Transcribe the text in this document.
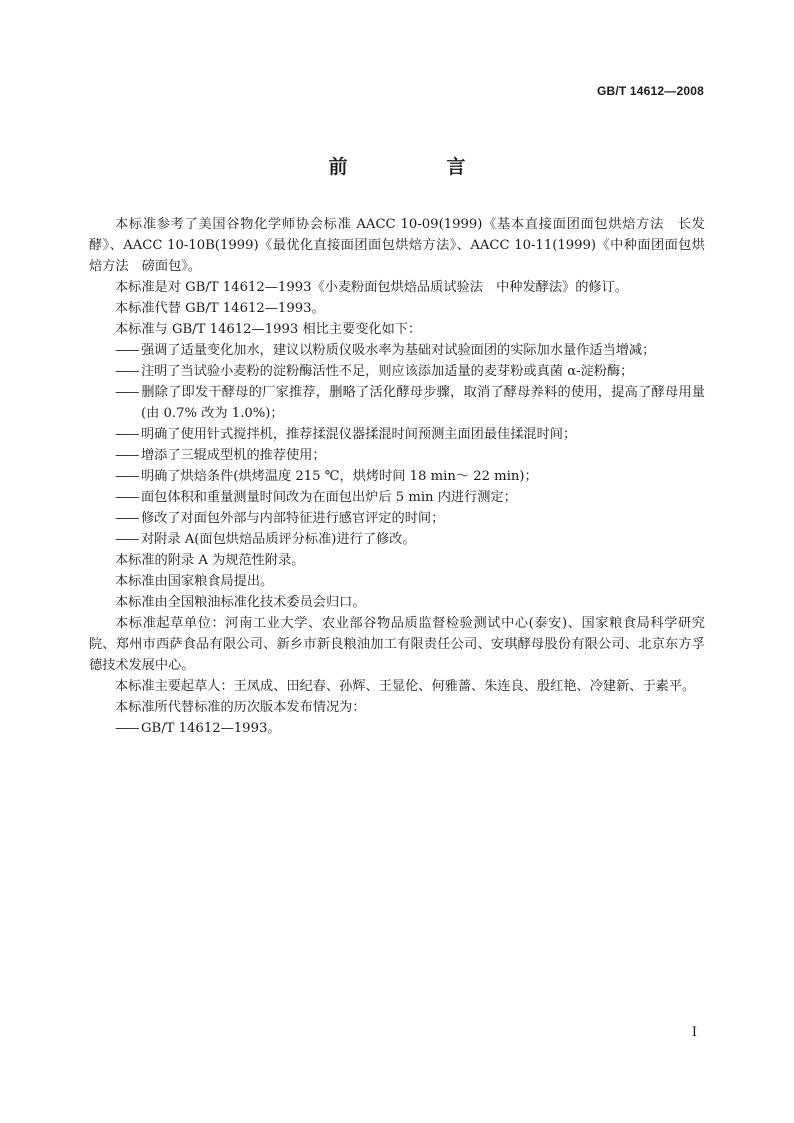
GB/T 14612—2008
前　言

本标准参考了美国谷物化学师协会标准 AACC 10-09(1999)《基本直接面团面包烘焙方法　长发酵》、AACC 10-10B(1999)《最优化直接面团面包烘焙方法》、AACC 10-11(1999)《中种面团面包烘焙方法　磅面包》。

本标准是对 GB/T 14612—1993《小麦粉面包烘焙品质试验法　中种发酵法》的修订。

本标准代替 GB/T 14612—1993。

本标准与 GB/T 14612—1993 相比主要变化如下：

—— 强调了适量变化加水，建议以粉质仪吸水率为基础对试验面团的实际加水量作适当增减；

—— 注明了当试验小麦粉的淀粉酶活性不足，则应该添加适量的麦芽粉或真菌 α-淀粉酶；

—— 删除了即发干酵母的厂家推荐，删略了活化酵母步骤，取消了酵母养料的使用，提高了酵母用量(由 0.7% 改为 1.0%)；

—— 明确了使用针式搅拌机，推荐揉混仪器揉混时间预测主面团最佳揉混时间；

—— 增添了三辊成型机的推荐使用；

—— 明确了烘焙条件(烘烤温度 215 ℃，烘烤时间 18 min～ 22 min)；

—— 面包体积和重量测量时间改为在面包出炉后 5 min 内进行测定；

—— 修改了对面包外部与内部特征进行感官评定的时间；

—— 对附录 A(面包烘焙品质评分标准)进行了修改。

本标准的附录 A 为规范性附录。

本标准由国家粮食局提出。

本标准由全国粮油标准化技术委员会归口。

本标准起草单位：河南工业大学、农业部谷物品质监督检验测试中心(泰安)、国家粮食局科学研究院、郑州市西萨食品有限公司、新乡市新良粮油加工有限责任公司、安琪酵母股份有限公司、北京东方孚德技术发展中心。

本标准主要起草人：王凤成、田纪春、孙辉、王显伦、何雅蔷、朱连良、殷红艳、冷建新、于素平。

本标准所代替标准的历次版本发布情况为：

—— GB/T 14612—1993。

I
